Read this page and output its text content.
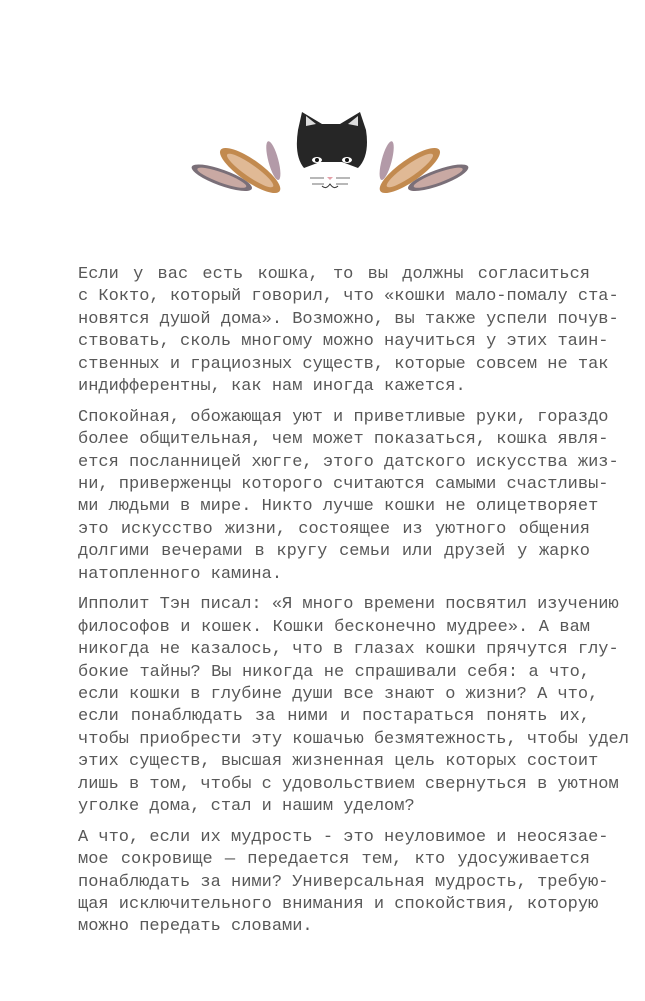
Если у вас есть кошка, то вы должны согласиться
с Кокто, который говорил, что «кошки мало-помалу ста-
новятся душой дома». Возможно, вы также успели почув-
ствовать, сколь многому можно научиться у этих таин-
ственных и грациозных существ, которые совсем не так
индифферентны, как нам иногда кажется.
Спокойная, обожающая уют и приветливые руки, гораздо
более общительная, чем может показаться, кошка явля-
ется посланницей хюгге, этого датского искусства жиз-
ни, приверженцы которого считаются самыми счастливы-
ми людьми в мире. Никто лучше кошки не олицетворяет
это искусство жизни, состоящее из уютного общения
долгими вечерами в кругу семьи или друзей у жарко
натопленного камина.
Ипполит Тэн писал: «Я много времени посвятил изучению
философов и кошек. Кошки бесконечно мудрее». А вам
никогда не казалось, что в глазах кошки прячутся глу-
бокие тайны? Вы никогда не спрашивали себя: а что,
если кошки в глубине души все знают о жизни? А что,
если понаблюдать за ними и постараться понять их,
чтобы приобрести эту кошачью безмятежность, чтобы удел
этих существ, высшая жизненная цель которых состоит
лишь в том, чтобы с удовольствием свернуться в уютном
уголке дома, стал и нашим уделом?
А что, если их мудрость - это неуловимое и неосязае-
мое сокровище — передается тем, кто удосуживается
понаблюдать за ними? Универсальная мудрость, требую-
щая исключительного внимания и спокойствия, которую
можно передать словами.
